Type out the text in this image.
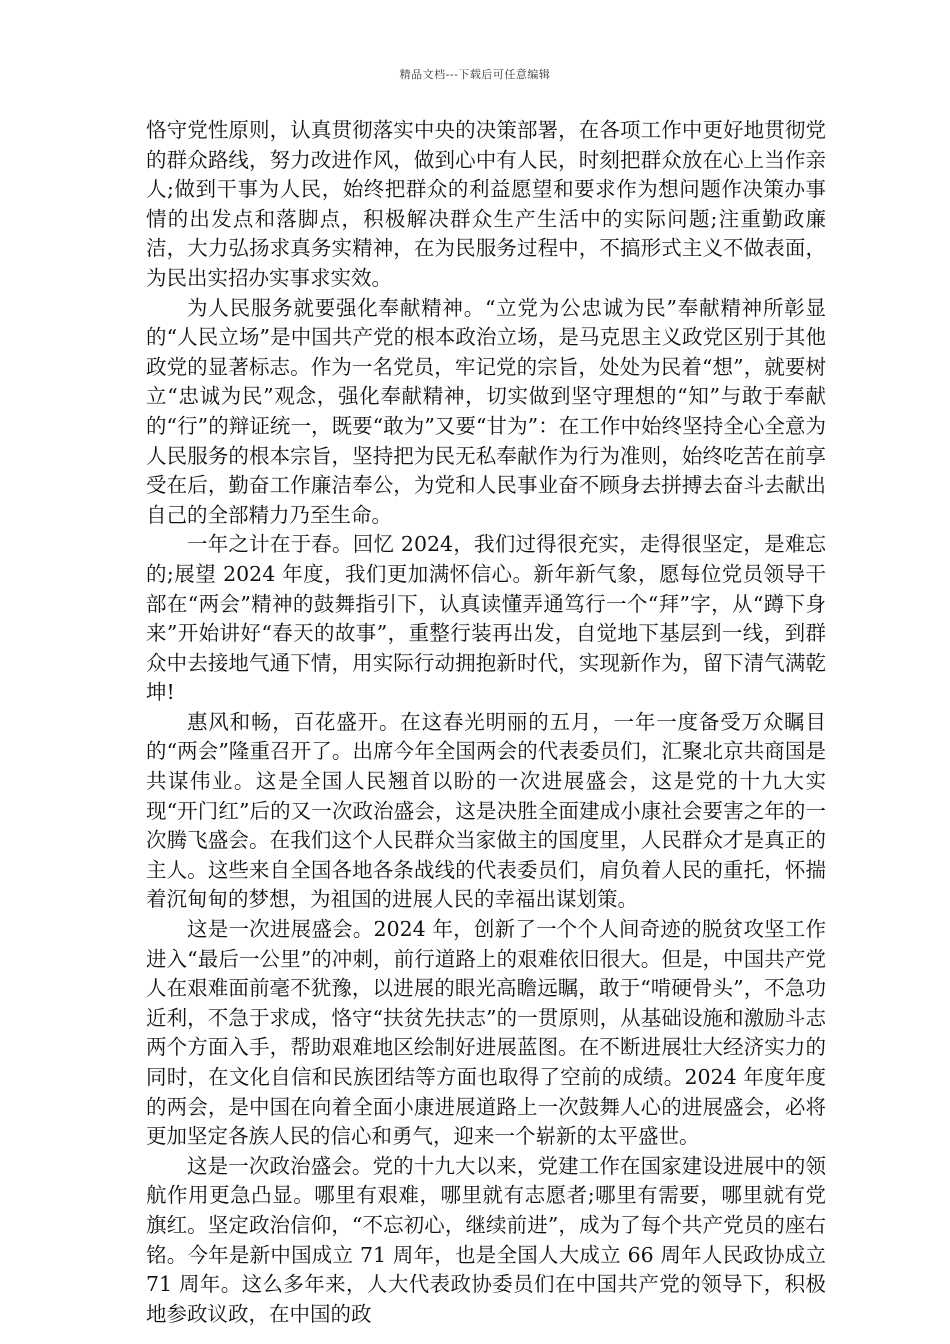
精品文档---下载后可任意编辑

恪守党性原则，认真贯彻落实中央的决策部署，在各项工作中更好地贯彻党的群众路线，努力改进作风，做到心中有人民，时刻把群众放在心上当作亲人;做到干事为人民，始终把群众的利益愿望和要求作为想问题作决策办事情的出发点和落脚点，积极解决群众生产生活中的实际问题;注重勤政廉洁，大力弘扬求真务实精神，在为民服务过程中，不搞形式主义不做表面，为民出实招办实事求实效。

为人民服务就要强化奉献精神。“立党为公忠诚为民”奉献精神所彰显的“人民立场”是中国共产党的根本政治立场，是马克思主义政党区别于其他政党的显著标志。作为一名党员，牢记党的宗旨，处处为民着“想”，就要树立“忠诚为民”观念，强化奉献精神，切实做到坚守理想的“知”与敢于奉献的“行”的辩证统一，既要“敢为”又要“甘为”：在工作中始终坚持全心全意为人民服务的根本宗旨，坚持把为民无私奉献作为行为准则，始终吃苦在前享受在后，勤奋工作廉洁奉公，为党和人民事业奋不顾身去拼搏去奋斗去献出自己的全部精力乃至生命。

一年之计在于春。回忆 2024，我们过得很充实，走得很坚定，是难忘的;展望 2024 年度，我们更加满怀信心。新年新气象，愿每位党员领导干部在“两会”精神的鼓舞指引下，认真读懂弄通笃行一个“拜”字，从“蹲下身来”开始讲好“春天的故事”，重整行装再出发，自觉地下基层到一线，到群众中去接地气通下情，用实际行动拥抱新时代，实现新作为，留下清气满乾坤!

惠风和畅，百花盛开。在这春光明丽的五月，一年一度备受万众瞩目的“两会”隆重召开了。出席今年全国两会的代表委员们，汇聚北京共商国是共谋伟业。这是全国人民翘首以盼的一次进展盛会，这是党的十九大实现“开门红”后的又一次政治盛会，这是决胜全面建成小康社会要害之年的一次腾飞盛会。在我们这个人民群众当家做主的国度里，人民群众才是真正的主人。这些来自全国各地各条战线的代表委员们，肩负着人民的重托，怀揣着沉甸甸的梦想，为祖国的进展人民的幸福出谋划策。

这是一次进展盛会。2024 年，创新了一个个人间奇迹的脱贫攻坚工作进入“最后一公里”的冲刺，前行道路上的艰难依旧很大。但是，中国共产党人在艰难面前毫不犹豫，以进展的眼光高瞻远瞩，敢于“啃硬骨头”，不急功近利，不急于求成，恪守“扶贫先扶志”的一贯原则，从基础设施和激励斗志两个方面入手，帮助艰难地区绘制好进展蓝图。在不断进展壮大经济实力的同时，在文化自信和民族团结等方面也取得了空前的成绩。2024 年度年度的两会，是中国在向着全面小康进展道路上一次鼓舞人心的进展盛会，必将更加坚定各族人民的信心和勇气，迎来一个崭新的太平盛世。

这是一次政治盛会。党的十九大以来，党建工作在国家建设进展中的领航作用更急凸显。哪里有艰难，哪里就有志愿者;哪里有需要，哪里就有党旗红。坚定政治信仰，“不忘初心，继续前进”，成为了每个共产党员的座右铭。今年是新中国成立 71 周年，也是全国人大成立 66 周年人民政协成立 71 周年。这么多年来，人大代表政协委员们在中国共产党的领导下，积极地参政议政，在中国的政
